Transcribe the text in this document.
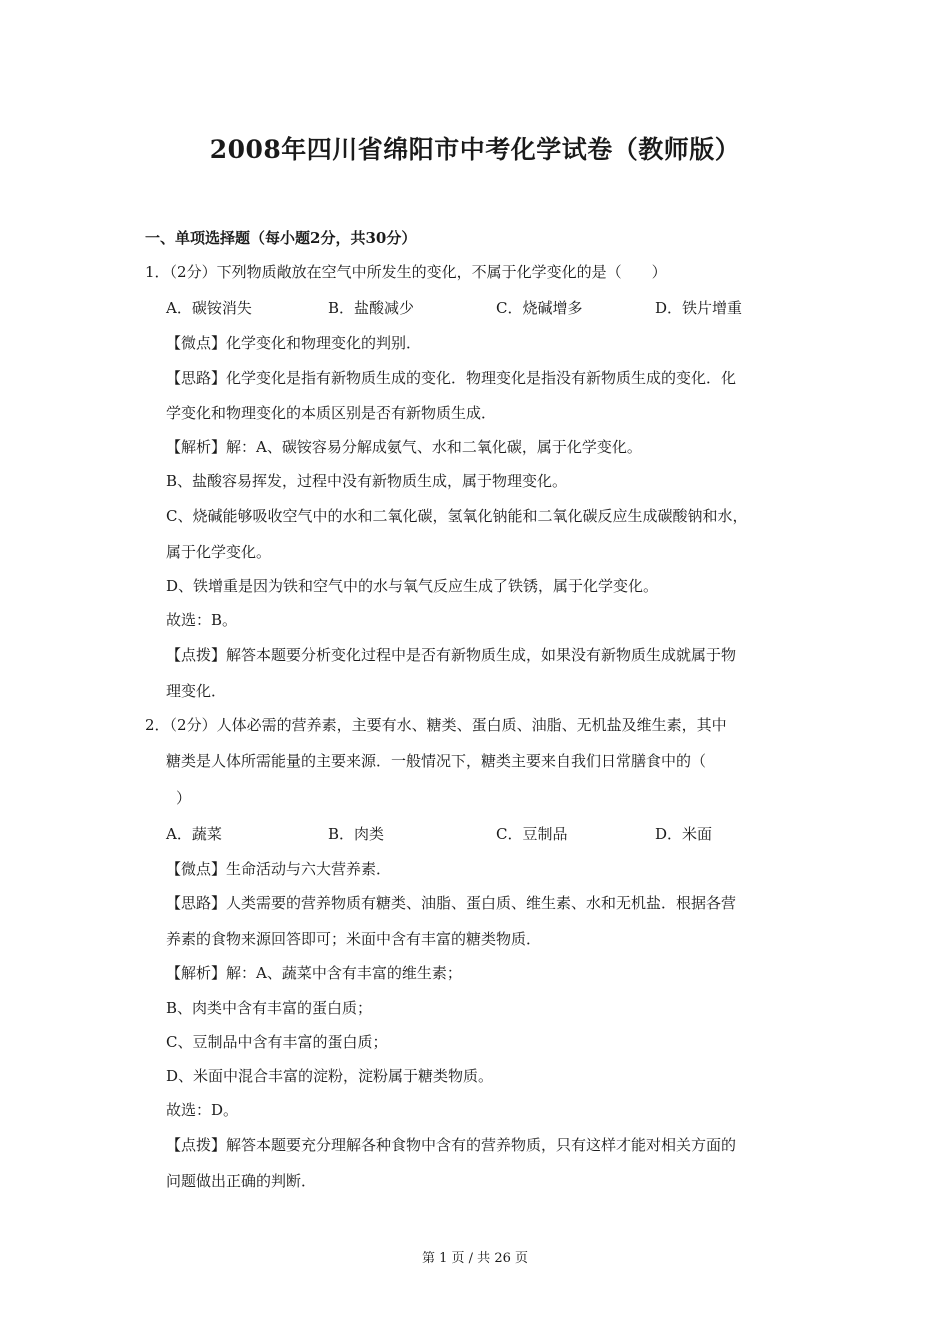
2008年四川省绵阳市中考化学试卷（教师版）
一、单项选择题（每小题2分，共30分）
1．（2分）下列物质敞放在空气中所发生的变化，不属于化学变化的是（　　）
A．碳铵消失	B．盐酸减少	C．烧碱增多	D．铁片增重
【微点】化学变化和物理变化的判别．
【思路】化学变化是指有新物质生成的变化．物理变化是指没有新物质生成的变化．化
学变化和物理变化的本质区别是否有新物质生成．
【解析】解：A、碳铵容易分解成氨气、水和二氧化碳，属于化学变化。
B、盐酸容易挥发，过程中没有新物质生成，属于物理变化。
C、烧碱能够吸收空气中的水和二氧化碳，氢氧化钠能和二氧化碳反应生成碳酸钠和水，
属于化学变化。
D、铁增重是因为铁和空气中的水与氧气反应生成了铁锈，属于化学变化。
故选：B。
【点拨】解答本题要分析变化过程中是否有新物质生成，如果没有新物质生成就属于物
理变化．
2．（2分）人体必需的营养素，主要有水、糖类、蛋白质、油脂、无机盐及维生素，其中
糖类是人体所需能量的主要来源．一般情况下，糖类主要来自我们日常膳食中的（
）
A．蔬菜	B．肉类	C．豆制品	D．米面
【微点】生命活动与六大营养素．
【思路】人类需要的营养物质有糖类、油脂、蛋白质、维生素、水和无机盐．根据各营
养素的食物来源回答即可；米面中含有丰富的糖类物质．
【解析】解：A、蔬菜中含有丰富的维生素；
B、肉类中含有丰富的蛋白质；
C、豆制品中含有丰富的蛋白质；
D、米面中混合丰富的淀粉，淀粉属于糖类物质。
故选：D。
【点拨】解答本题要充分理解各种食物中含有的营养物质，只有这样才能对相关方面的
问题做出正确的判断．
第 1 页 / 共 26 页
